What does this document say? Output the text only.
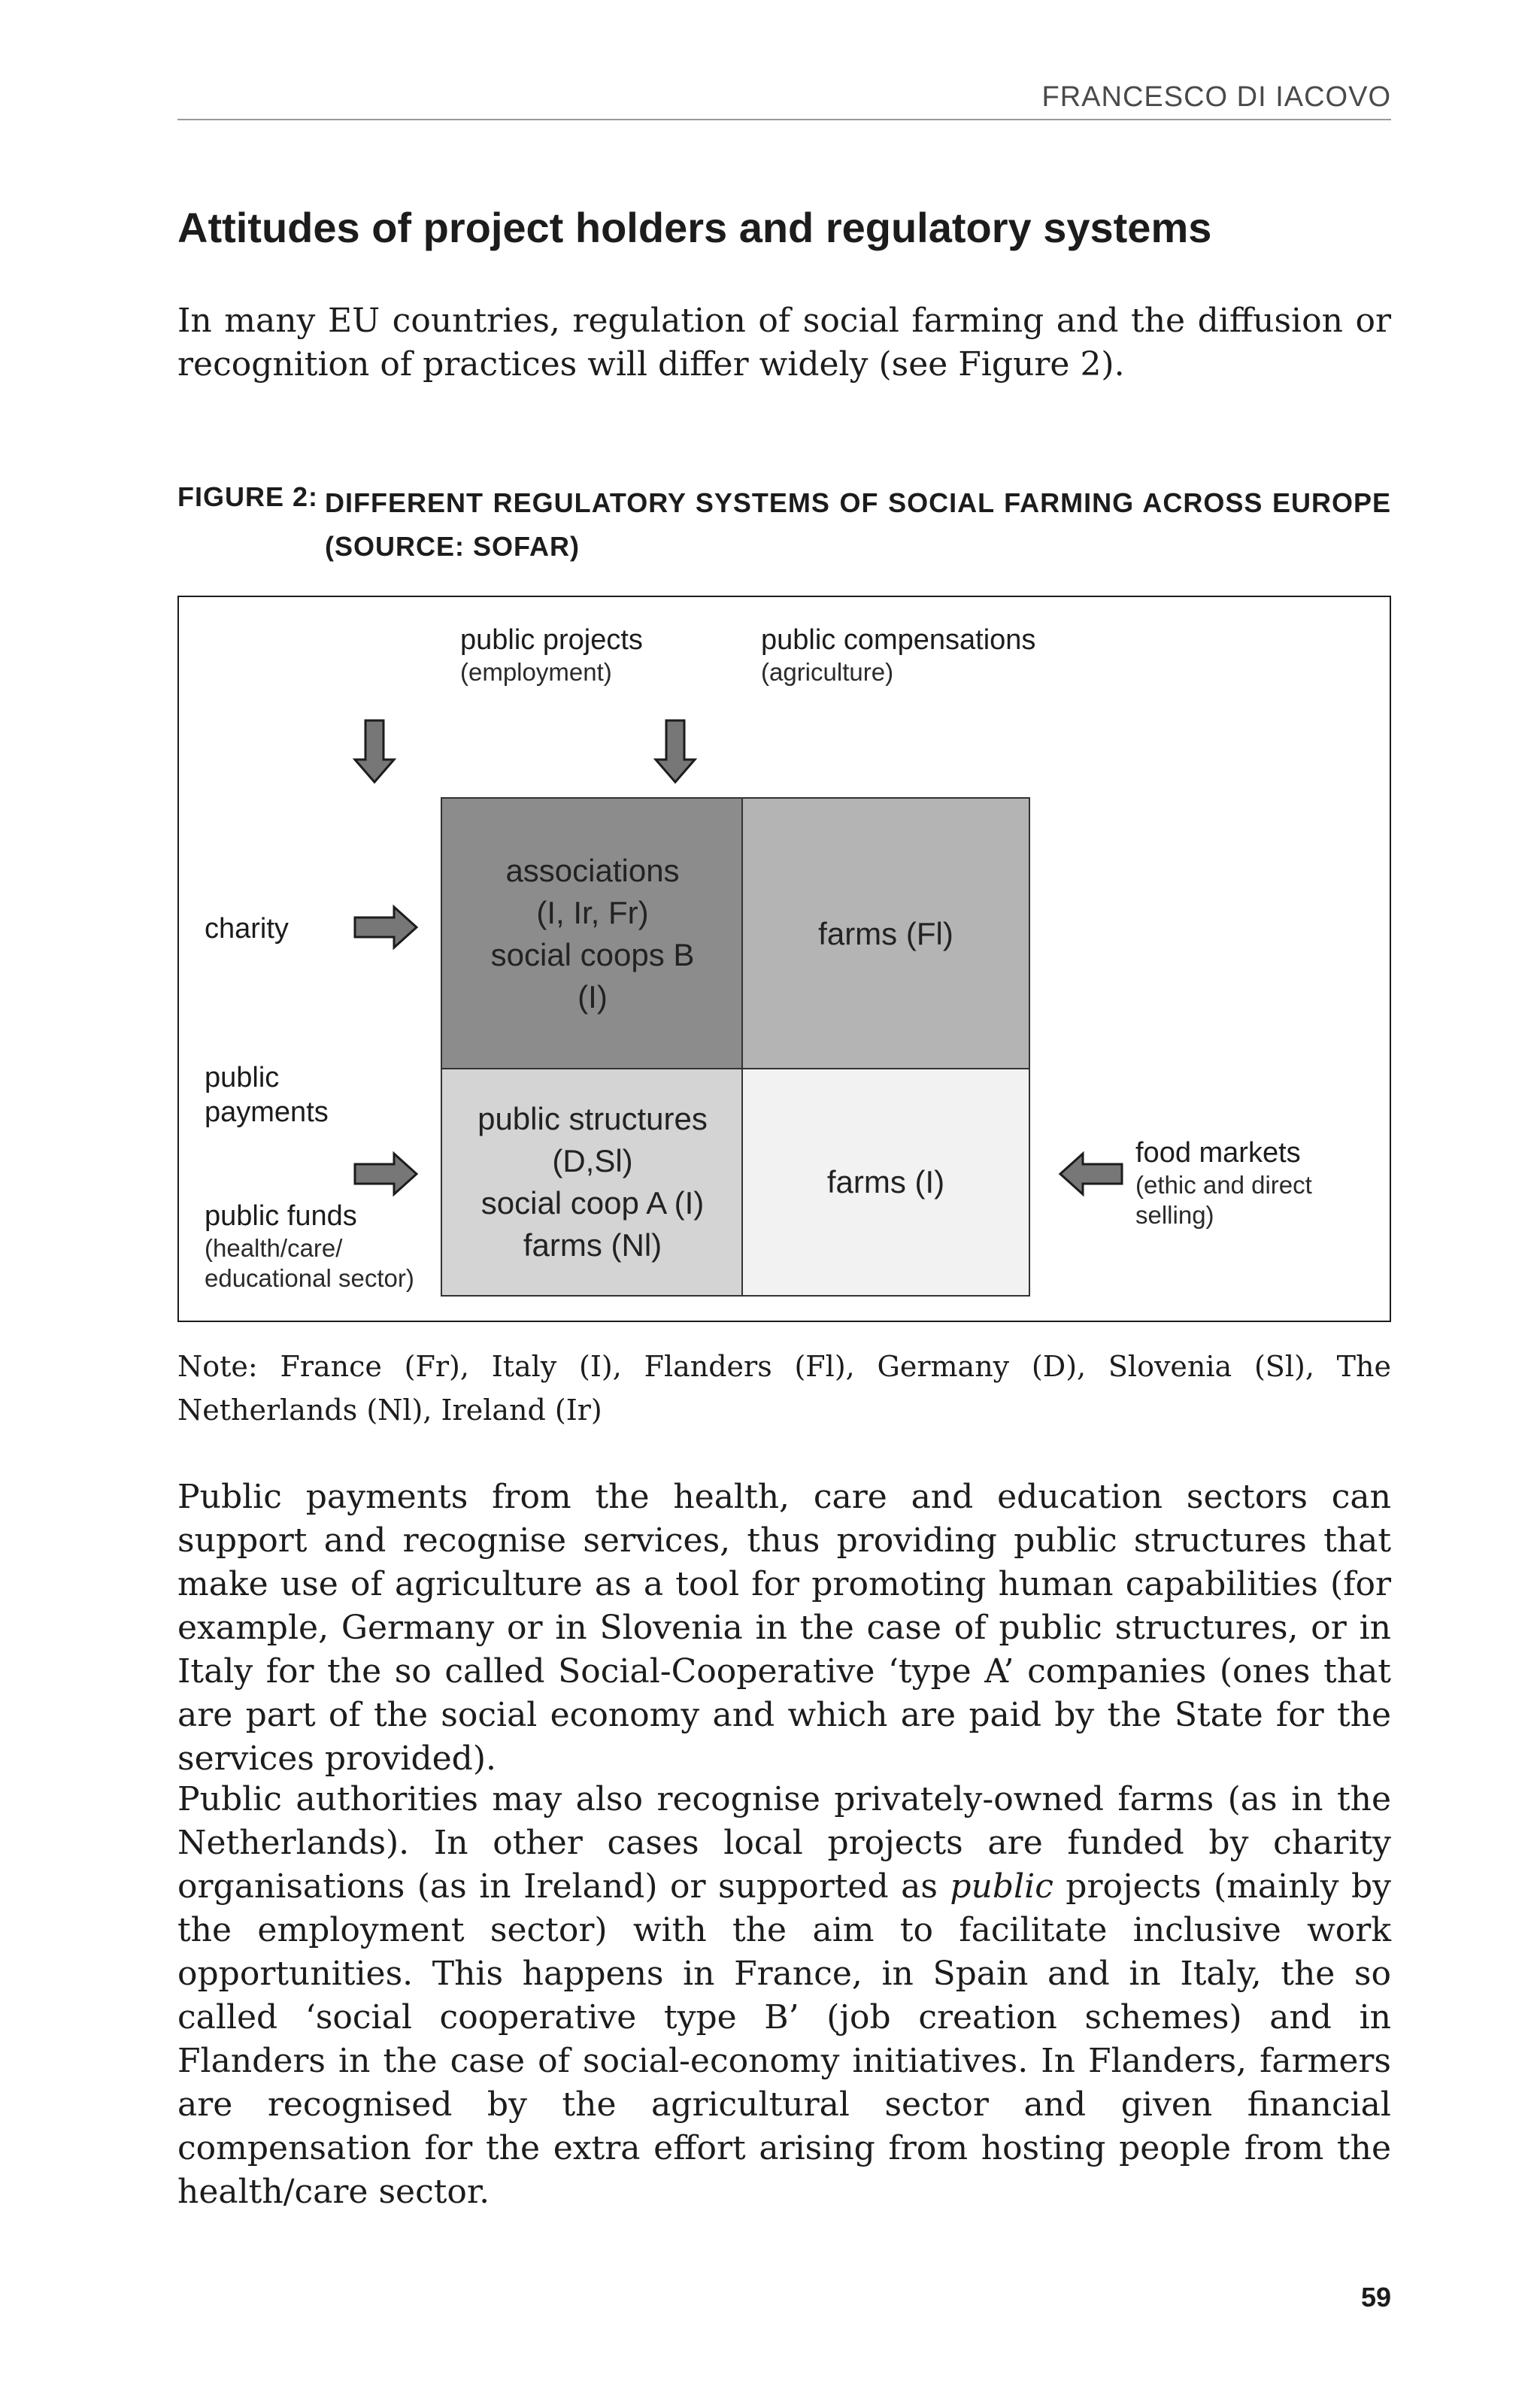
FRANCESCO DI IACOVO
Attitudes of project holders and regulatory systems

In many EU countries, regulation of social farming and the diffusion or recognition of practices will differ widely (see Figure 2).

FIGURE 2: DIFFERENT REGULATORY SYSTEMS OF SOCIAL FARMING ACROSS EUROPE (SOURCE: SOFAR)
public projects
(employment)
public compensations
(agriculture)
associations
(I, Ir, Fr)
social coops B
(I)
farms (Fl)
public structures
(D,Sl)
social coop A (I)
farms (Nl)
farms (I)
charity
public
payments
public funds
(health/care/
educational sector)
food markets
(ethic and direct selling)

Note: France (Fr), Italy (I), Flanders (Fl), Germany (D), Slovenia (Sl), The Netherlands (Nl), Ireland (Ir)

Public payments from the health, care and education sectors can support and recognise services, thus providing public structures that make use of agriculture as a tool for promoting human capabilities (for example, Germany or in Slovenia in the case of public structures, or in Italy for the so called Social-Cooperative ‘type A’ companies (ones that are part of the social economy and which are paid by the State for the services provided).

Public authorities may also recognise privately-owned farms (as in the Netherlands). In other cases local projects are funded by charity organisations (as in Ireland) or supported as public projects (mainly by the employment sector) with the aim to facilitate inclusive work opportunities. This happens in France, in Spain and in Italy, the so called ‘social cooperative type B’ (job creation schemes) and in Flanders in the case of social-economy initiatives. In Flanders, farmers are recognised by the agricultural sector and given financial compensation for the extra effort arising from hosting people from the health/care sector.

59
